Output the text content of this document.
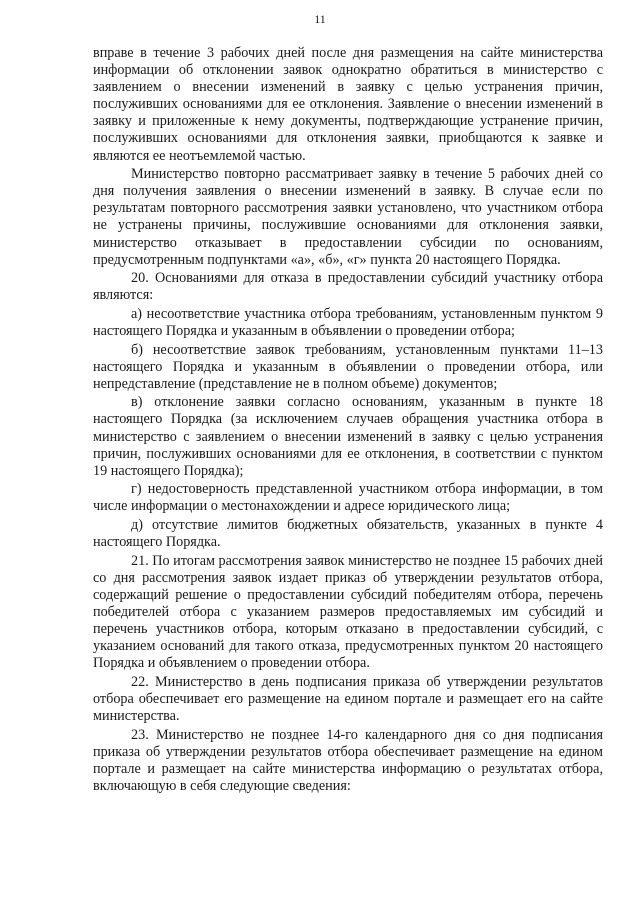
11

вправе в течение 3 рабочих дней после дня размещения на сайте министерства информации об отклонении заявок однократно обратиться в министерство с заявлением о внесении изменений в заявку с целью устранения причин, послуживших основаниями для ее отклонения. Заявление о внесении изменений в заявку и приложенные к нему документы, подтверждающие устранение причин, послуживших основаниями для отклонения заявки, приобщаются к заявке и являются ее неотъемлемой частью.

Министерство повторно рассматривает заявку в течение 5 рабочих дней со дня получения заявления о внесении изменений в заявку. В случае если по результатам повторного рассмотрения заявки установлено, что участником отбора не устранены причины, послужившие основаниями для отклонения заявки, министерство отказывает в предоставлении субсидии по основаниям, предусмотренным подпунктами «а», «б», «г» пункта 20 настоящего Порядка.

20. Основаниями для отказа в предоставлении субсидий участнику отбора являются:

а) несоответствие участника отбора требованиям, установленным пунктом 9 настоящего Порядка и указанным в объявлении о проведении отбора;

б) несоответствие заявок требованиям, установленным пунктами 11–13 настоящего Порядка и указанным в объявлении о проведении отбора, или непредставление (представление не в полном объеме) документов;

в) отклонение заявки согласно основаниям, указанным в пункте 18 настоящего Порядка (за исключением случаев обращения участника отбора в министерство с заявлением о внесении изменений в заявку с целью устранения причин, послуживших основаниями для ее отклонения, в соответствии с пунктом 19 настоящего Порядка);

г) недостоверность представленной участником отбора информации, в том числе информации о местонахождении и адресе юридического лица;

д) отсутствие лимитов бюджетных обязательств, указанных в пункте 4 настоящего Порядка.

21. По итогам рассмотрения заявок министерство не позднее 15 рабочих дней со дня рассмотрения заявок издает приказ об утверждении результатов отбора, содержащий решение о предоставлении субсидий победителям отбора, перечень победителей отбора с указанием размеров предоставляемых им субсидий и перечень участников отбора, которым отказано в предоставлении субсидий, с указанием оснований для такого отказа, предусмотренных пунктом 20 настоящего Порядка и объявлением о проведении отбора.

22. Министерство в день подписания приказа об утверждении результатов отбора обеспечивает его размещение на едином портале и размещает его на сайте министерства.

23. Министерство не позднее 14-го календарного дня со дня подписания приказа об утверждении результатов отбора обеспечивает размещение на едином портале и размещает на сайте министерства информацию о результатах отбора, включающую в себя следующие сведения:
